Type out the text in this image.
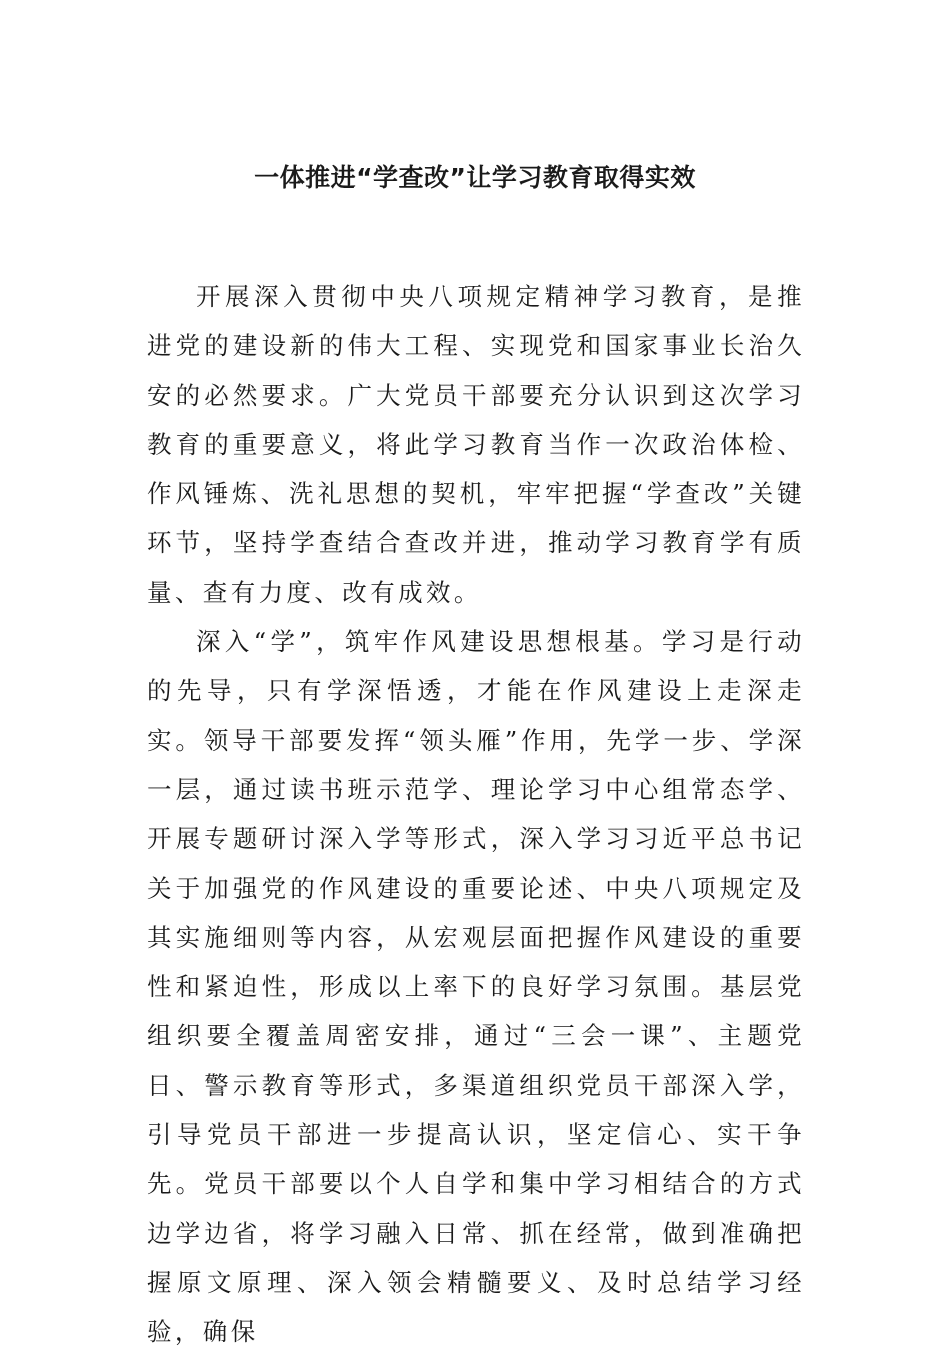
一体推进“学查改”让学习教育取得实效

开展深入贯彻中央八项规定精神学习教育，是推进党的建设新的伟大工程、实现党和国家事业长治久安的必然要求。广大党员干部要充分认识到这次学习教育的重要意义，将此学习教育当作一次政治体检、作风锤炼、洗礼思想的契机，牢牢把握“学查改”关键环节，坚持学查结合查改并进，推动学习教育学有质量、查有力度、改有成效。

深入“学”，筑牢作风建设思想根基。学习是行动的先导，只有学深悟透，才能在作风建设上走深走实。领导干部要发挥“领头雁”作用，先学一步、学深一层，通过读书班示范学、理论学习中心组常态学、开展专题研讨深入学等形式，深入学习习近平总书记关于加强党的作风建设的重要论述、中央八项规定及其实施细则等内容，从宏观层面把握作风建设的重要性和紧迫性，形成以上率下的良好学习氛围。基层党组织要全覆盖周密安排，通过“三会一课”、主题党日、警示教育等形式，多渠道组织党员干部深入学，引导党员干部进一步提高认识，坚定信心、实干争先。党员干部要以个人自学和集中学习相结合的方式边学边省，将学习融入日常、抓在经常，做到准确把握原文原理、深入领会精髓要义、及时总结学习经验，确保
